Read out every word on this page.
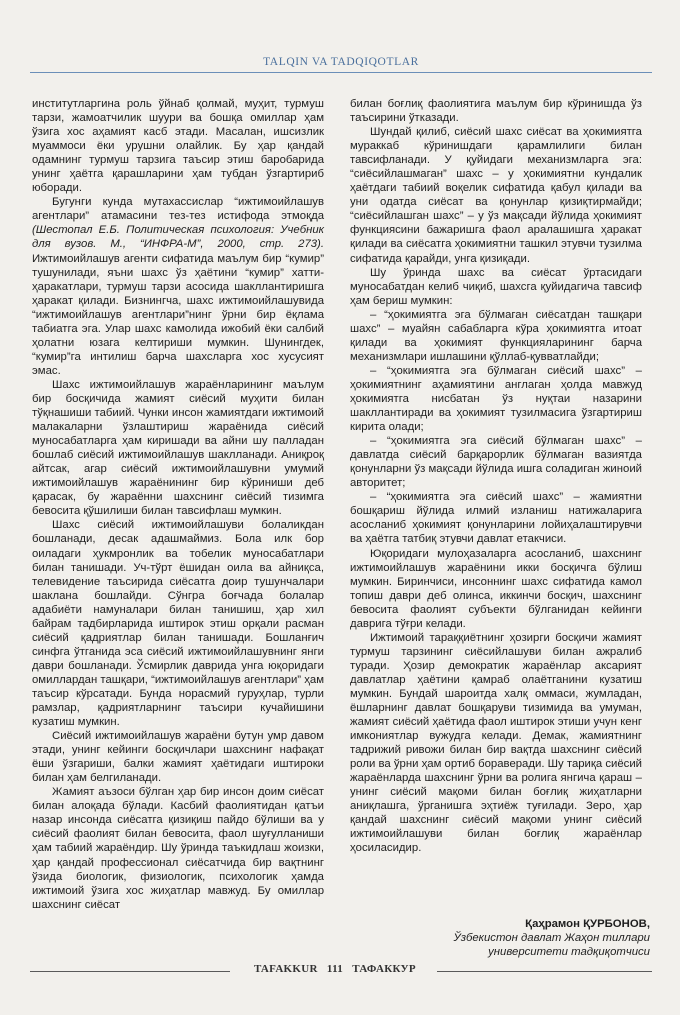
TALQIN VA TADQIQOTLAR

институтларгина роль ўйнаб қолмай, муҳит, турмуш тарзи, жамоатчилик шуури ва бошқа омиллар ҳам ўзига хос аҳамият касб этади. Масалан, ишсизлик муаммоси ёки урушни олайлик. Бу ҳар қандай одамнинг турмуш тарзига таъсир этиш баробарида унинг ҳаётга қарашларини ҳам тубдан ўзгартириб юборади.

Бугунги кунда мутахассислар “ижтимоийлашув агентлари” атамасини тез-тез истифода этмоқда (Шестопал Е.Б. Политическая психология: Учебник для вузов. М., “ИНФРА-М”, 2000, стр. 273). Ижтимоийлашув агенти сифатида маълум бир “кумир” тушунилади, яъни шахс ўз ҳаётини “кумир” хатти-ҳаракатлари, турмуш тарзи асосида шакллантиришга ҳаракат қилади. Бизнингча, шахс ижтимоийлашувида “ижтимоийлашув агентлари”нинг ўрни бир ёқлама табиатга эга. Улар шахс камолида ижобий ёки салбий ҳолатни юзага келтириши мумкин. Шунингдек, “кумир”га интилиш барча шахсларга хос хусусият эмас.

Шахс ижтимоийлашув жараёнларининг маълум бир босқичида жамият сиёсий муҳити билан тўқнашиши табиий. Чунки инсон жамиятдаги ижтимоий малакаларни ўзлаштириш жараёнида сиёсий муносабатларга ҳам киришади ва айни шу палладан бошлаб сиёсий ижтимоийлашув шаклланади. Аниқроқ айтсак, агар сиёсий ижтимоийлашувни умумий ижтимоийлашув жараёнининг бир кўриниши деб қарасак, бу жараённи шахснинг сиёсий тизимга бевосита қўшилиши билан тавсифлаш мумкин.

Шахс сиёсий ижтимоийлашуви болаликдан бошланади, десак адашмаймиз. Бола илк бор оиладаги ҳукмронлик ва тобелик муносабатлари билан танишади. Уч-тўрт ёшидан оила ва айниқса, телевидение таъсирида сиёсатга доир тушунчалари шаклана бошлайди. Сўнгра боғчада болалар адабиёти намуналари билан танишиш, ҳар хил байрам тадбирларида иштирок этиш орқали расман сиёсий қадриятлар билан танишади. Бошланғич синфга ўтганида эса сиёсий ижтимоийлашувнинг янги даври бошланади. Ўсмирлик даврида унга юқоридаги омиллардан ташқари, “ижтимоийлашув агентлари” ҳам таъсир кўрсатади. Бунда норасмий гуруҳлар, турли рамзлар, қадриятларнинг таъсири кучайишини кузатиш мумкин.

Сиёсий ижтимоийлашув жараёни бутун умр давом этади, унинг кейинги босқичлари шахснинг нафақат ёши ўзгариши, балки жамият ҳаётидаги иштироки билан ҳам белгиланади.

Жамият аъзоси бўлган ҳар бир инсон доим сиёсат билан алоқада бўлади. Касбий фаолиятидан қатъи назар инсонда сиёсатга қизиқиш пайдо бўлиши ва у сиёсий фаолият билан бевосита, фаол шуғулланиши ҳам табиий жараёндир. Шу ўринда таъкидлаш жоизки, ҳар қандай профессионал сиёсатчида бир вақтнинг ўзида биологик, физиологик, психологик ҳамда ижтимоий ўзига хос жиҳатлар мавжуд. Бу омиллар шахснинг сиёсат

билан боғлиқ фаолиятига маълум бир кўринишда ўз таъсирини ўтказади.

Шундай қилиб, сиёсий шахс сиёсат ва ҳокимиятга мураккаб кўринишдаги қарамлилиги билан тавсифланади. У қуйидаги механизмларга эга: “сиёсийлашмаган” шахс – у ҳокимиятни кундалик ҳаётдаги табиий воқелик сифатида қабул қилади ва уни одатда сиёсат ва қонунлар қизиқтирмайди; “сиёсийлашган шахс” – у ўз мақсади йўлида ҳокимият функциясини бажаришга фаол аралашишга ҳаракат қилади ва сиёсатга ҳокимиятни ташкил этувчи тузилма сифатида қарайди, унга қизиқади.

Шу ўринда шахс ва сиёсат ўртасидаги муносабатдан келиб чиқиб, шахсга қуйидагича тавсиф ҳам бериш мумкин:

– “ҳокимиятга эга бўлмаган сиёсатдан ташқари шахс” – муайян сабабларга кўра ҳокимиятга итоат қилади ва ҳокимият функцияларининг барча механизмлари ишлашини қўллаб-қувватлайди;

– “ҳокимиятга эга бўлмаган сиёсий шахс” – ҳокимиятнинг аҳамиятини англаган ҳолда мавжуд ҳокимиятга нисбатан ўз нуқтаи назарини шакллантиради ва ҳокимият тузилмасига ўзгартириш киритa олади;

– “ҳокимиятга эга сиёсий бўлмаган шахс” – давлатда сиёсий барқарорлик бўлмаган вазиятда қонунларни ўз мақсади йўлида ишга соладиган жиноий авторитет;

– “ҳокимиятга эга сиёсий шахс” – жамиятни бошқариш йўлида илмий изланиш натижаларига асосланиб ҳокимият қонунларини лойиҳалаштирувчи ва ҳаётга татбиқ этувчи давлат етакчиси.

Юқоридаги мулоҳазаларга асосланиб, шахснинг ижтимоийлашув жараёнини икки босқичга бўлиш мумкин. Биринчиси, инсоннинг шахс сифатида камол топиш даври деб олинса, иккинчи босқич, шахснинг бевосита фаолият субъекти бўлганидан кейинги даврига тўғри келади.

Ижтимоий тараққиётнинг ҳозирги босқичи жамият турмуш тарзининг сиёсийлашуви билан ажралиб туради. Ҳозир демократик жараёнлар аксарият давлатлар ҳаётини қамраб олаётганини кузатиш мумкин. Бундай шароитда халқ оммаси, жумладан, ёшларнинг давлат бошқаруви тизимида ва умуман, жамият сиёсий ҳаётида фаол иштирок этиши учун кенг имкониятлар вужудга келади. Демак, жамиятнинг тадрижий ривожи билан бир вақтда шахснинг сиёсий роли ва ўрни ҳам ортиб бораверади. Шу тариқа сиёсий жараёнларда шахснинг ўрни ва ролига янгича қараш – унинг сиёсий мақоми билан боғлиқ жиҳатларни аниқлашга, ўрганишга эҳтиёж туғилади. Зеро, ҳар қандай шахснинг сиёсий мақоми унинг сиёсий ижтимоийлашуви билан боғлиқ жараёнлар ҳосиласидир.

Қаҳрамон ҚУРБОНОВ,
Ўзбекистон давлат Жаҳон тиллари
университети тадқиқотчиси
TAFAKKUR 111 ТАФАККУР
